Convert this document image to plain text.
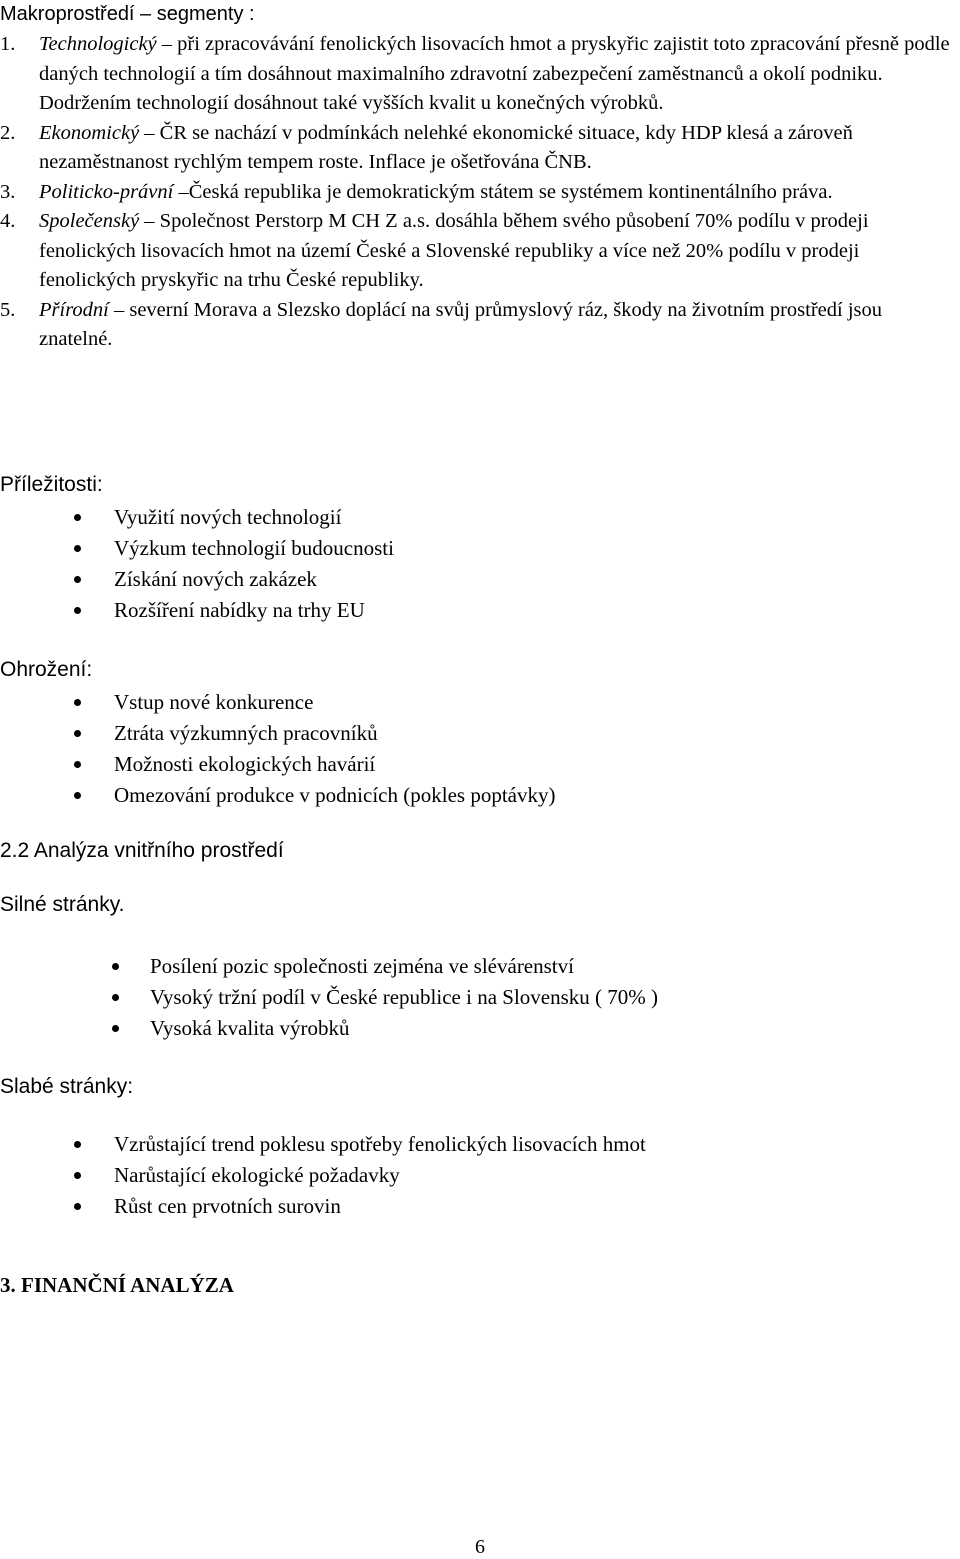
Makroprostředí – segmenty :
1. Technologický – při zpracovávání fenolických lisovacích hmot a pryskyřic zajistit toto zpracování přesně podle daných technologií a tím dosáhnout maximalního zdravotní zabezpečení zaměstnanců a okolí podniku. Dodržením technologií dosáhnout také vyšších kvalit u konečných výrobků.
2. Ekonomický – ČR se nachází v podmínkách nelehké ekonomické situace, kdy HDP klesá a zároveň nezaměstnanost rychlým tempem roste. Inflace je ošetřována ČNB.
3. Politicko-právní –Česká republika je demokratickým státem se systémem kontinentálního práva.
4. Společenský – Společnost Perstorp M CH Z a.s. dosáhla během svého působení 70% podílu v prodeji fenolických lisovacích hmot na území České a Slovenské republiky a více než 20% podílu v prodeji fenolických pryskyřic na trhu České republiky.
5. Přírodní – severní Morava a Slezsko doplácí na svůj průmyslový ráz, škody na životním prostředí jsou znatelné.
Příležitosti:
Využití nových technologií
Výzkum technologií budoucnosti
Získání nových zakázek
Rozšíření nabídky na trhy EU
Ohrožení:
Vstup nové konkurence
Ztráta výzkumných pracovníků
Možnosti ekologických havárií
Omezování produkce v podnicích (pokles poptávky)
2.2 Analýza vnitřního prostředí
Silné stránky.
Posílení pozic společnosti zejména ve slévárenství
Vysoký tržní podíl v České republice i na Slovensku ( 70% )
Vysoká kvalita výrobků
Slabé stránky:
Vzrůstající trend poklesu spotřeby fenolických lisovacích hmot
Narůstající ekologické požadavky
Růst cen prvotních surovin
3. FINANČNÍ ANALÝZA
6
